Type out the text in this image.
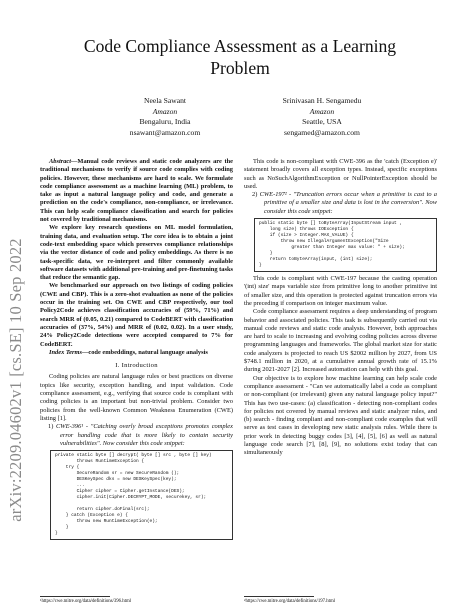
arXiv:2209.04602v1 [cs.SE] 10 Sep 2022
Code Compliance Assessment as a Learning
Problem
Neela Sawant
Amazon
Bengaluru, India
nsawant@amazon.com
Srinivasan H. Sengamedu
Amazon
Seattle, USA
sengamed@amazon.com

Abstract—Manual code reviews and static code analyzers are the traditional mechanisms to verify if source code complies with coding policies. However, these mechanisms are hard to scale. We formulate code compliance assessment as a machine learning (ML) problem, to take as input a natural language policy and code, and generate a prediction on the code's compliance, non-compliance, or irrelevance. This can help scale compliance classification and search for policies not covered by traditional mechanisms.

We explore key research questions on ML model formulation, training data, and evaluation setup. The core idea is to obtain a joint code-text embedding space which preserves compliance relationships via the vector distance of code and policy embeddings. As there is no task-specific data, we re-interpret and filter commonly available software datasets with additional pre-training and pre-finetuning tasks that reduce the semantic gap.

We benchmarked our approach on two listings of coding policies (CWE and CBP). This is a zero-shot evaluation as none of the policies occur in the training set. On CWE and CBP respectively, our tool Policy2Code achieves classification accuracies of (59%, 71%) and search MRR of (0.05, 0.21) compared to CodeBERT with classification accuracies of (37%, 54%) and MRR of (0.02, 0.02). In a user study, 24% Policy2Code detections were accepted compared to 7% for CodeBERT.

Index Terms—code embeddings, natural language analysis

I. Introduction

Coding policies are natural language rules or best practices on diverse topics like security, exception handling, and input validation. Code compliance assessment, e.g., verifying that source code is compliant with coding policies is an important but non-trivial problem. Consider two policies from the well-known Common Weakness Enumeration (CWE) listing [1].

1) CWE-396¹ - "Catching overly broad exceptions promotes complex error handling code that is more likely to contain security vulnerabilities". Now consider this code snippet:

private static byte [] decrypt( byte [] src , byte [] key)
throws RuntimeException {
try {
SecureRandom sr = new SecureRandom ();
DESKeySpec dks = new DESKeySpec(key);
...
Cipher cipher = Cipher.getInstance(DES);
cipher.init(Cipher.DECRYPT_MODE, securekey, sr);

return cipher.doFinal(src);
} catch (Exception e) {
throw new RuntimeException(e);
}
}
¹https://cwe.mitre.org/data/definitions/396.html

This code is non-compliant with CWE-396 as the 'catch (Exception e)' statement broadly covers all exception types. Instead, specific exceptions such as NoSuchAlgorithmException or NullPointerException should be used.

2) CWE-197² - "Truncation errors occur when a primitive is cast to a primitive of a smaller size and data is lost in the conversion". Now consider this code snippet:

public static byte [] toByteArray(InputStream input ,
long size) throws IOException {
if (size > Integer.MAX_VALUE) {
throw new IllegalArgumentException("Size
greater than Integer max value: " + size);
}
return toByteArray(input, (int) size);
}

This code is compliant with CWE-197 because the casting operation '(int) size' maps variable size from primitive long to another primitive int of smaller size, and this operation is protected against truncation errors via the preceding if comparison on integer maximum value.

Code compliance assessment requires a deep understanding of program behavior and associated policies. This task is subsequently carried out via manual code reviews and static code analysis. However, both approaches are hard to scale to increasing and evolving coding policies across diverse programming languages and frameworks. The global market size for static code analyzers is projected to reach US $2002 million by 2027, from US $748.1 million in 2020, at a cumulative annual growth rate of 15.1% during 2021-2027 [2]. Increased automation can help with this goal.

Our objective is to explore how machine learning can help scale code compliance assessment - "Can we automatically label a code as compliant or non-compliant (or irrelevant) given any natural language policy input?" This has two use-cases: (a) classification - detecting non-compliant codes for policies not covered by manual reviews and static analyzer rules, and (b) search - finding compliant and non-compliant code examples that will serve as test cases in developing new static analysis rules. While there is prior work in detecting buggy codes [3], [4], [5], [6] as well as natural language code search [7], [8], [9], no solutions exist today that can simultaneously

²https://cwe.mitre.org/data/definitions/197.html
